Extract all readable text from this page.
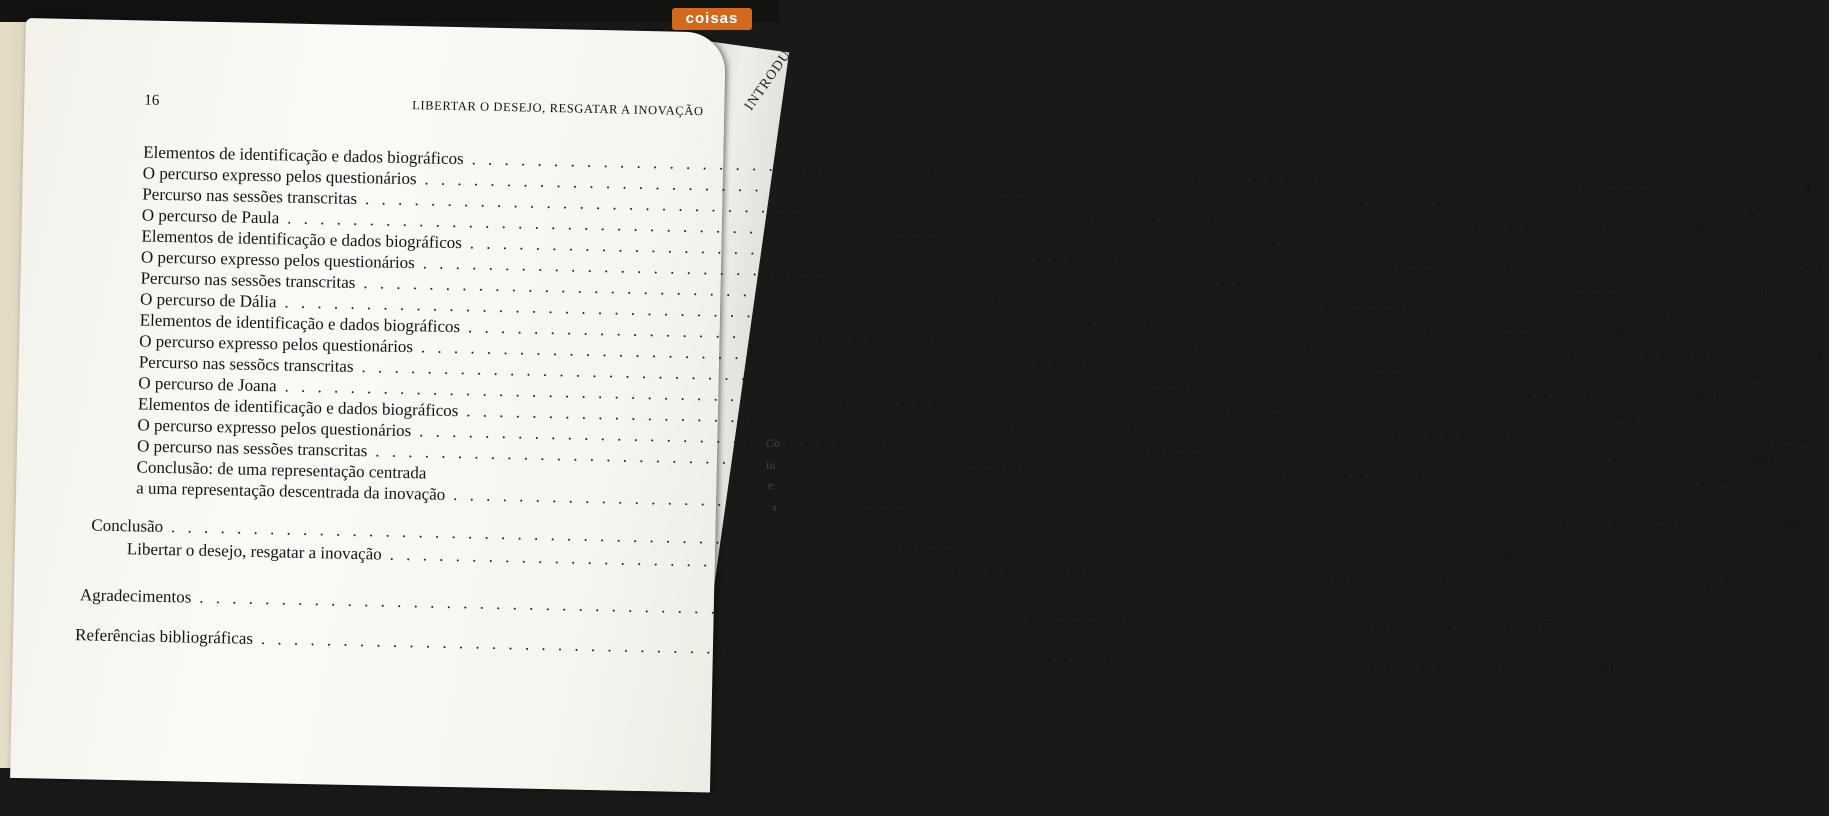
INTRODU
Co
in
e
s
16	LIBERTAR O DESEJO, RESGATAR A INOVAÇÃO
Elementos de identificação e dados biográficos
. . .
452
O percurso expresso pelos questionários
. . .
453
Percurso nas sessões transcritas
. . .
454
O percurso de Paula
. . .
455
Elementos de identificação e dados biográficos
. . .
455
O percurso expresso pelos questionários
. . .
457
Percurso nas sessões transcritas
. . .
458
O percurso de Dália
. . .
459
Elementos de identificação e dados biográficos
. . .
459
O percurso expresso pelos questionários
. . .
460
Percurso nas sessõcs transcritas
. . .
461
O percurso de Joana
. . .
462
Elementos de identificação e dados biográficos
. . .
462
O percurso expresso pelos questionários
. . .
463
O percurso nas sessões transcritas
. . .
464
Conclusão: de uma representação centrada
a uma representação descentrada da inovação
. . .
464
Conclusão
. . .
467
Libertar o desejo, resgatar a inovação
. . .
467
Agradecimentos
. . .
477
Referências bibliográficas
. . .
481
coisas
